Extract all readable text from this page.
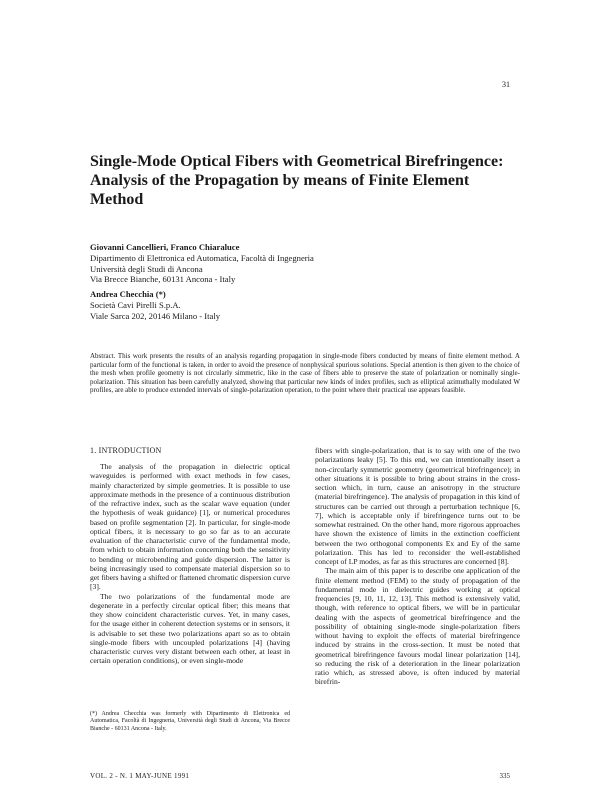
31
Single-Mode Optical Fibers with Geometrical Birefringence: Analysis of the Propagation by means of Finite Element Method
Giovanni Cancellieri, Franco Chiaraluce
Dipartimento di Elettronica ed Automatica, Facoltà di Ingegneria
Università degli Studi di Ancona
Via Brecce Bianche, 60131 Ancona - Italy
Andrea Checchia (*)
Società Cavi Pirelli S.p.A.
Viale Sarca 202, 20146 Milano - Italy

Abstract. This work presents the results of an analysis regarding propagation in single-mode fibers conducted by means of finite element method. A particular form of the functional is taken, in order to avoid the presence of nonphysical spurious solutions. Special attention is then given to the choice of the mesh when profile geometry is not circularly simmetric, like in the case of fibers able to preserve the state of polarization or nominally single-polarization. This situation has been carefully analyzed, showing that particular new kinds of index profiles, such as elliptical azimuthally modulated W profiles, are able to produce extended intervals of single-polarization operation, to the point where their practical use appears feasible.

1. INTRODUCTION

The analysis of the propagation in dielectric optical waveguides is performed with exact methods in few cases, mainly characterized by simple geometries. It is possible to use approximate methods in the presence of a continuous distribution of the refractive index, such as the scalar wave equation (under the hypothesis of weak guidance) [1], or numerical procedures based on profile segmentation [2]. In particular, for single-mode optical fibers, it is necessary to go so far as to an accurate evaluation of the characteristic curve of the fundamental mode, from which to obtain information concerning both the sensitivity to bending or microbending and guide dispersion. The latter is being increasingly used to compensate material dispersion so to get fibers having a shifted or flattened chromatic dispersion curve [3].

The two polarizations of the fundamental mode are degenerate in a perfectly circular optical fiber; this means that they show coincident characteristic curves. Yet, in many cases, for the usage either in coherent detection systems or in sensors, it is advisable to set these two polarizations apart so as to obtain single-mode fibers with uncoupled polarizations [4] (having characteristic curves very distant between each other, at least in certain operation conditions), or even single-mode

fibers with single-polarization, that is to say with one of the two polarizations leaky [5]. To this end, we can intentionally insert a non-circularly symmetric geometry (geometrical birefringence); in other situations it is possible to bring about strains in the cross-section which, in turn, cause an anisotropy in the structure (material birefringence). The analysis of propagation in this kind of structures can be carried out through a perturbation technique [6, 7], which is acceptable only if birefringence turns out to be somewhat restrained. On the other hand, more rigorous approaches have shown the existence of limits in the extinction coefficient between the two orthogonal components Ex and Ey of the same polarization. This has led to reconsider the well-established concept of LP modes, as far as this structures are concerned [8].

The main aim of this paper is to describe one application of the finite element method (FEM) to the study of propagation of the fundamental mode in dielectric guides working at optical frequencies [9, 10, 11, 12, 13]. This method is extensively valid, though, with reference to optical fibers, we will be in particular dealing with the aspects of geometrical birefringence and the possibility of obtaining single-mode single-polarization fibers without having to exploit the effects of material birefringence induced by strains in the cross-section. It must be noted that geometrical birefringence favours modal linear polarization [14], so reducing the risk of a deterioration in the linear polarization ratio which, as stressed above, is often induced by material birefrin-

(*) Andrea Checchia was formerly with Dipartimento di Elettronica ed Automatica, Facoltà di Ingegneria, Università degli Studi di Ancona, Via Brecce Bianche - 60131 Ancona - Italy.
VOL. 2 - N. 1 MAY-JUNE 1991	335
